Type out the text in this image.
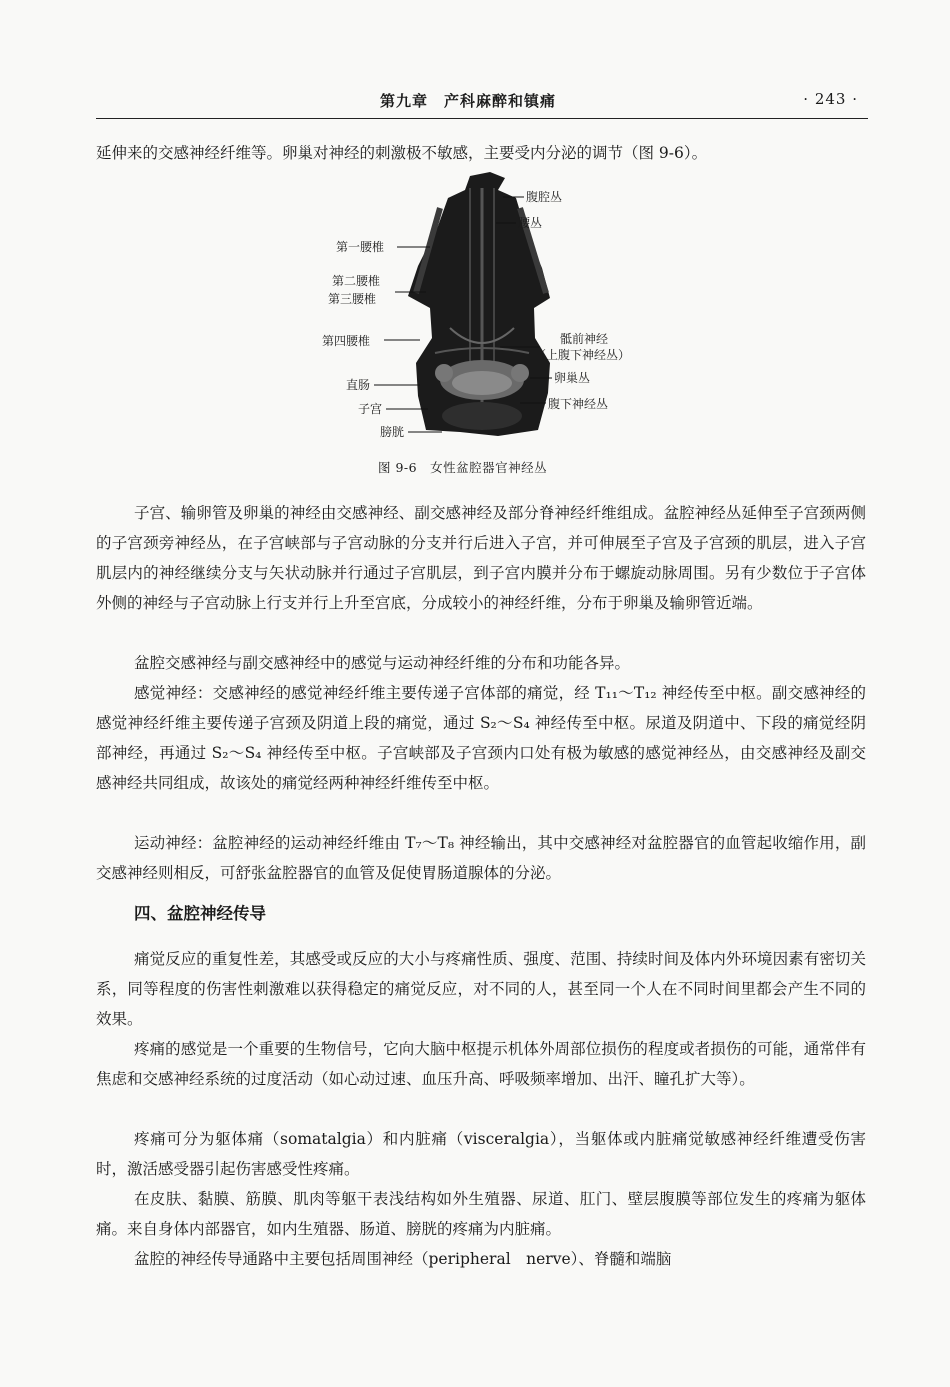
第九章　产科麻醉和镇痛	· 243 ·

延伸来的交感神经纤维等。卵巢对神经的刺激极不敏感，主要受内分泌的调节（图 9-6）。

腹腔丛
腰丛
第一腰椎
第二腰椎
第三腰椎
第四腰椎	骶前神经
（上腹下神经丛）
卵巢丛
直肠
腹下神经丛
子宫
膀胱
图 9-6　女性盆腔器官神经丛

子宫、输卵管及卵巢的神经由交感神经、副交感神经及部分脊神经纤维组成。盆腔神经丛延伸至子宫颈两侧的子宫颈旁神经丛，在子宫峡部与子宫动脉的分支并行后进入子宫，并可伸展至子宫及子宫颈的肌层，进入子宫肌层内的神经继续分支与矢状动脉并行通过子宫肌层，到子宫内膜并分布于螺旋动脉周围。另有少数位于子宫体外侧的神经与子宫动脉上行支并行上升至宫底，分成较小的神经纤维，分布于卵巢及输卵管近端。

盆腔交感神经与副交感神经中的感觉与运动神经纤维的分布和功能各异。

感觉神经：交感神经的感觉神经纤维主要传递子宫体部的痛觉，经 T₁₁～T₁₂ 神经传至中枢。副交感神经的感觉神经纤维主要传递子宫颈及阴道上段的痛觉，通过 S₂～S₄ 神经传至中枢。尿道及阴道中、下段的痛觉经阴部神经，再通过 S₂～S₄ 神经传至中枢。子宫峡部及子宫颈内口处有极为敏感的感觉神经丛，由交感神经及副交感神经共同组成，故该处的痛觉经两种神经纤维传至中枢。

运动神经：盆腔神经的运动神经纤维由 T₇～T₈ 神经输出，其中交感神经对盆腔器官的血管起收缩作用，副交感神经则相反，可舒张盆腔器官的血管及促使胃肠道腺体的分泌。

四、盆腔神经传导

痛觉反应的重复性差，其感受或反应的大小与疼痛性质、强度、范围、持续时间及体内外环境因素有密切关系，同等程度的伤害性刺激难以获得稳定的痛觉反应，对不同的人，甚至同一个人在不同时间里都会产生不同的效果。

疼痛的感觉是一个重要的生物信号，它向大脑中枢提示机体外周部位损伤的程度或者损伤的可能，通常伴有焦虑和交感神经系统的过度活动（如心动过速、血压升高、呼吸频率增加、出汗、瞳孔扩大等）。

疼痛可分为躯体痛（somatalgia）和内脏痛（visceralgia），当躯体或内脏痛觉敏感神经纤维遭受伤害时，激活感受器引起伤害感受性疼痛。

在皮肤、黏膜、筋膜、肌肉等躯干表浅结构如外生殖器、尿道、肛门、壁层腹膜等部位发生的疼痛为躯体痛。来自身体内部器官，如内生殖器、肠道、膀胱的疼痛为内脏痛。

盆腔的神经传导通路中主要包括周围神经（peripheral　nerve）、脊髓和端脑
